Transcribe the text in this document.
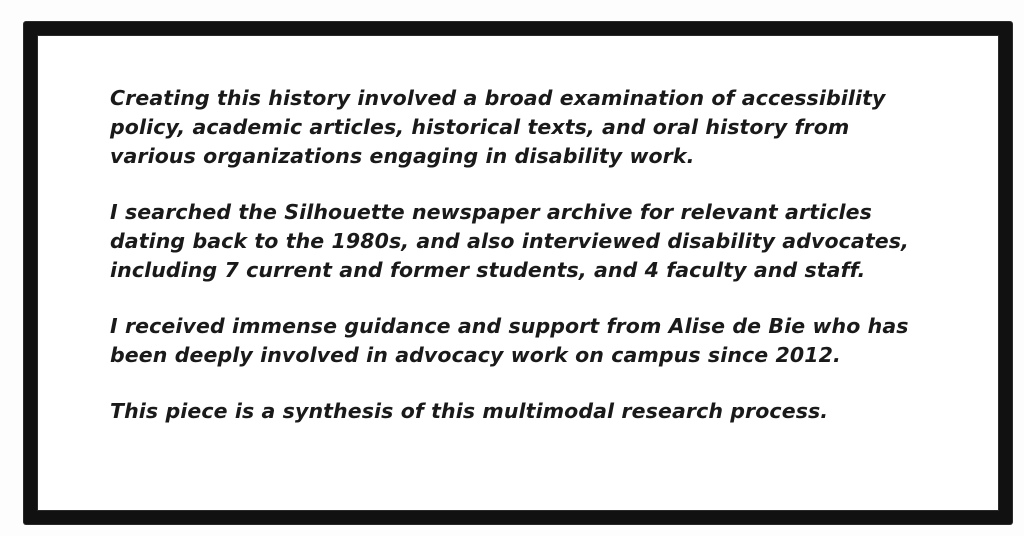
Creating this history involved a broad examination of accessibility
policy, academic articles, historical texts, and oral history from
various organizations engaging in disability work.

I searched the Silhouette newspaper archive for relevant articles
dating back to the 1980s, and also interviewed disability advocates,
including 7 current and former students, and 4 faculty and staff.

I received immense guidance and support from Alise de Bie who has
been deeply involved in advocacy work on campus since 2012.

This piece is a synthesis of this multimodal research process.
